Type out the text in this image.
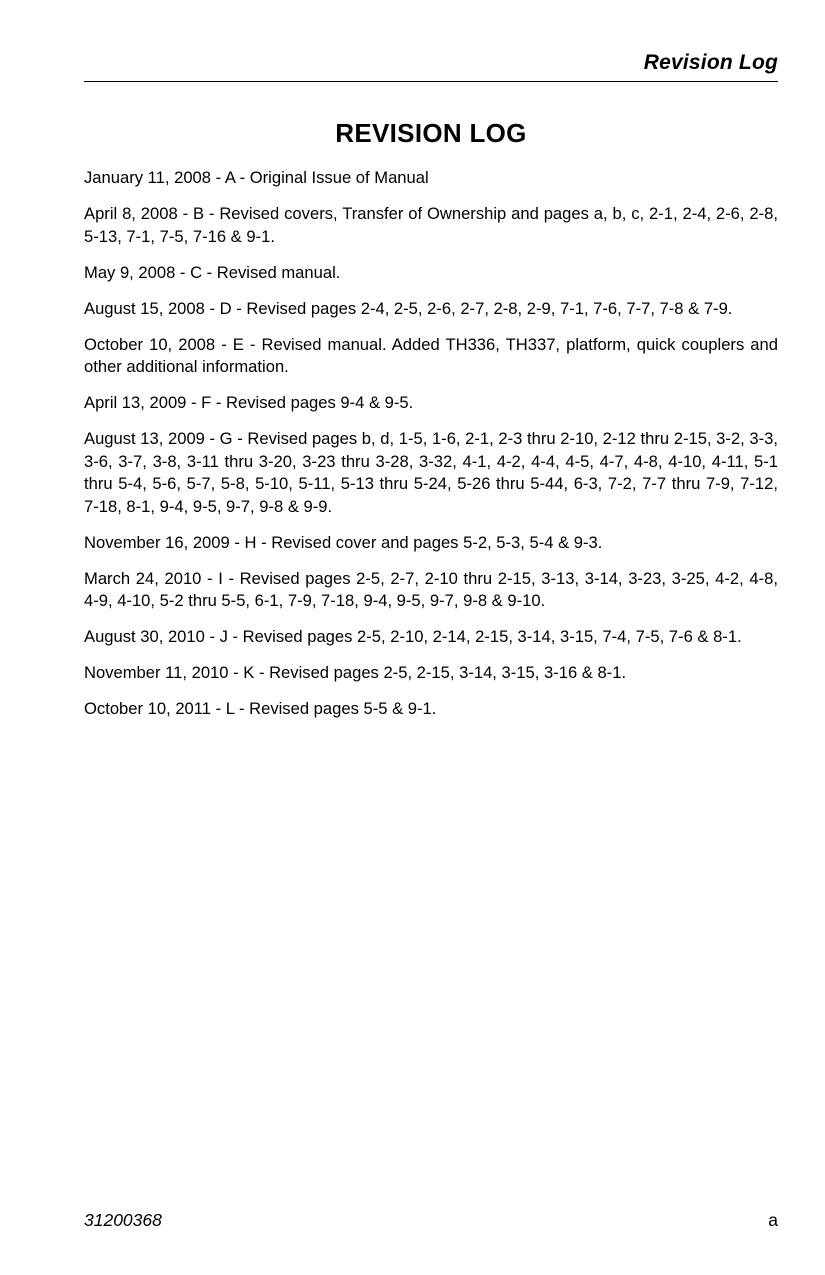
Revision Log
REVISION LOG

January 11, 2008 - A - Original Issue of Manual

April 8, 2008 - B - Revised covers, Transfer of Ownership and pages a, b, c, 2-1, 2-4, 2-6, 2-8, 5-13, 7-1, 7-5, 7-16 & 9-1.

May 9, 2008 - C - Revised manual.

August 15, 2008 - D - Revised pages 2-4, 2-5, 2-6, 2-7, 2-8, 2-9, 7-1, 7-6, 7-7, 7-8 & 7-9.

October 10, 2008 - E - Revised manual. Added TH336, TH337, platform, quick couplers and other additional information.

April 13, 2009 - F - Revised pages 9-4 & 9-5.

August 13, 2009 - G - Revised pages b, d, 1-5, 1-6, 2-1, 2-3 thru 2-10, 2-12 thru 2-15, 3-2, 3-3, 3-6, 3-7, 3-8, 3-11 thru 3-20, 3-23 thru 3-28, 3-32, 4-1, 4-2, 4-4, 4-5, 4-7, 4-8, 4-10, 4-11, 5-1 thru 5-4, 5-6, 5-7, 5-8, 5-10, 5-11, 5-13 thru 5-24, 5-26 thru 5-44, 6-3, 7-2, 7-7 thru 7-9, 7-12, 7-18, 8-1, 9-4, 9-5, 9-7, 9-8 & 9-9.

November 16, 2009 - H - Revised cover and pages 5-2, 5-3, 5-4 & 9-3.

March 24, 2010 - I - Revised pages 2-5, 2-7, 2-10 thru 2-15, 3-13, 3-14, 3-23, 3-25, 4-2, 4-8, 4-9, 4-10, 5-2 thru 5-5, 6-1, 7-9, 7-18, 9-4, 9-5, 9-7, 9-8 & 9-10.

August 30, 2010 - J - Revised pages 2-5, 2-10, 2-14, 2-15, 3-14, 3-15, 7-4, 7-5, 7-6 & 8-1.

November 11, 2010 - K - Revised pages 2-5, 2-15, 3-14, 3-15, 3-16 & 8-1.

October 10, 2011 - L - Revised pages 5-5 & 9-1.

31200368	a
